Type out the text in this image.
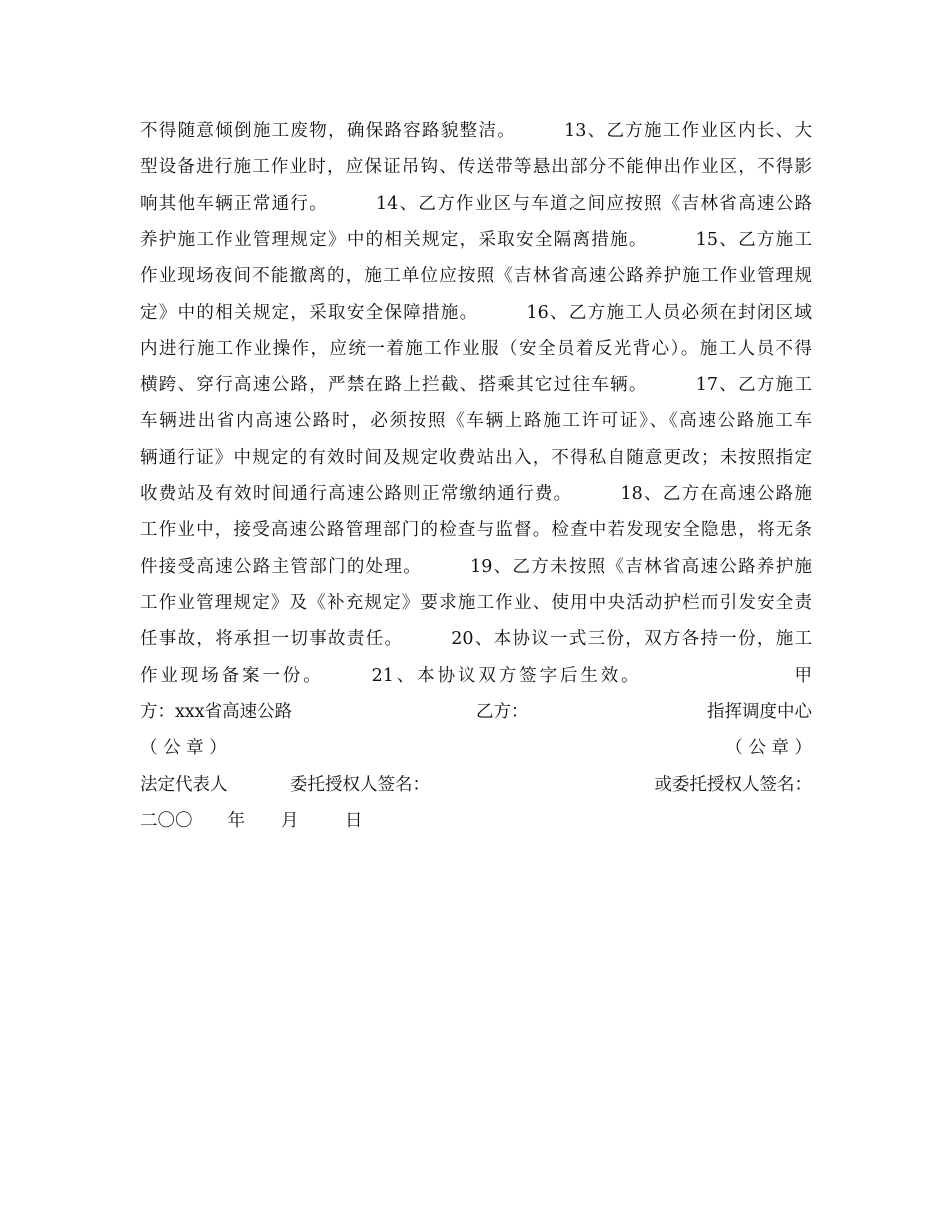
不得随意倾倒施工废物，确保路容路貌整洁。	13、乙方施工作业区内长、大
型设备进行施工作业时，应保证吊钩、传送带等悬出部分不能伸出作业区，不得影
响其他车辆正常通行。	14、乙方作业区与车道之间应按照《吉林省高速公路
养护施工作业管理规定》中的相关规定，采取安全隔离措施。	15、乙方施工
作业现场夜间不能撤离的，施工单位应按照《吉林省高速公路养护施工作业管理规
定》中的相关规定，采取安全保障措施。	16、乙方施工人员必须在封闭区域
内进行施工作业操作，应统一着施工作业服（安全员着反光背心）。施工人员不得
横跨、穿行高速公路，严禁在路上拦截、搭乘其它过往车辆。	17、乙方施工
车辆进出省内高速公路时，必须按照《车辆上路施工许可证》、《高速公路施工车
辆通行证》中规定的有效时间及规定收费站出入，不得私自随意更改；未按照指定
收费站及有效时间通行高速公路则正常缴纳通行费。	18、乙方在高速公路施
工作业中，接受高速公路管理部门的检查与监督。检查中若发现安全隐患，将无条
件接受高速公路主管部门的处理。	19、乙方未按照《吉林省高速公路养护施
工作业管理规定》及《补充规定》要求施工作业、使用中央活动护栏而引发安全责
任事故，将承担一切事故责任。	20、本协议一式三份，双方各持一份，施工
作业现场备案一份。	21、本协议双方签字后生效。	甲
方：xxx省高速公路	乙方：	指挥调度中心
（ 公 章 ）	（ 公 章 ）
法定代表人	委托授权人签名：	或委托授权人签名：
二〇〇　　年 月	日
